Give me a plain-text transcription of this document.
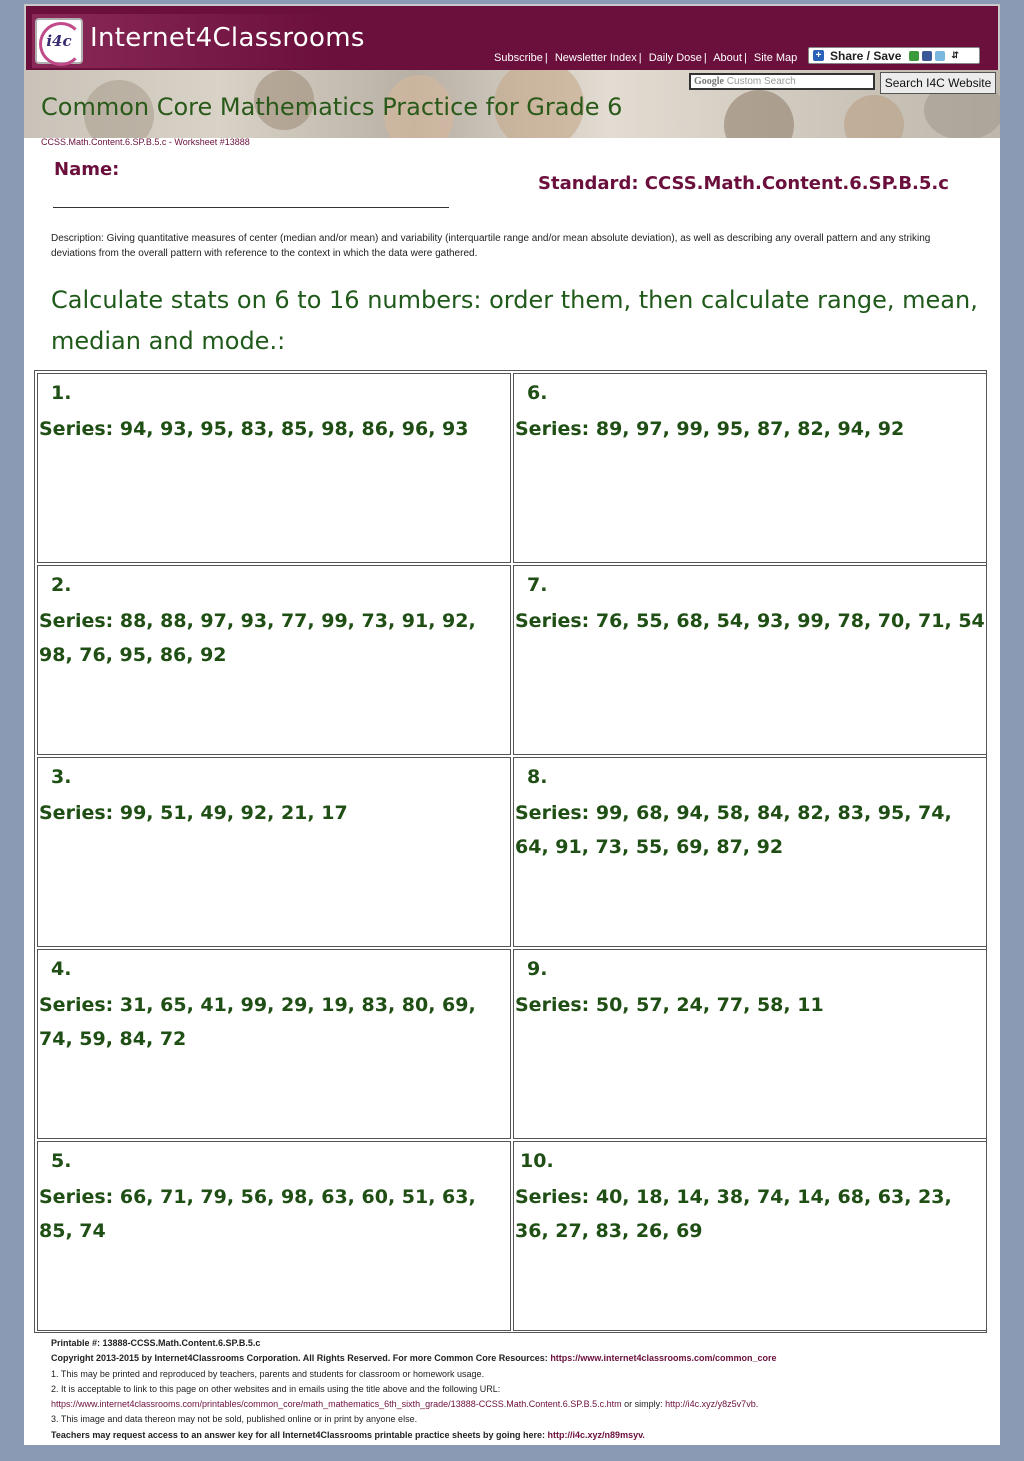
i4c Internet4Classrooms
Subscribe | Newsletter Index | Daily Dose | About | Site Map + Share / Save	⇵
Google Custom Search	Search I4C Website
Common Core Mathematics Practice for Grade 6
CCSS.Math.Content.6.SP.B.5.c - Worksheet #13888
Name:
Standard: CCSS.Math.Content.6.SP.B.5.c
Description: Giving quantitative measures of center (median and/or mean) and variability (interquartile range and/or mean absolute deviation), as well as describing any overall pattern and any striking deviations from the overall pattern with reference to the context in which the data were gathered.
Calculate stats on 6 to 16 numbers: order them, then calculate range, mean, median and mode.:
1.
Series: 94, 93, 95, 83, 85, 98, 86, 96, 93
2.
Series: 88, 88, 97, 93, 77, 99, 73, 91, 92, 98, 76, 95, 86, 92
3.
Series: 99, 51, 49, 92, 21, 17
4.
Series: 31, 65, 41, 99, 29, 19, 83, 80, 69, 74, 59, 84, 72
5.
Series: 66, 71, 79, 56, 98, 63, 60, 51, 63, 85, 74
6.
Series: 89, 97, 99, 95, 87, 82, 94, 92
7.
Series: 76, 55, 68, 54, 93, 99, 78, 70, 71, 54
8.
Series: 99, 68, 94, 58, 84, 82, 83, 95, 74, 64, 91, 73, 55, 69, 87, 92
9.
Series: 50, 57, 24, 77, 58, 11
10.
Series: 40, 18, 14, 38, 74, 14, 68, 63, 23, 36, 27, 83, 26, 69
Printable #: 13888-CCSS.Math.Content.6.SP.B.5.c
Copyright 2013-2015 by Internet4Classrooms Corporation. All Rights Reserved. For more Common Core Resources: https://www.internet4classrooms.com/common_core
1. This may be printed and reproduced by teachers, parents and students for classroom or homework usage.
2. It is acceptable to link to this page on other websites and in emails using the title above and the following URL:
https://www.internet4classrooms.com/printables/common_core/math_mathematics_6th_sixth_grade/13888-CCSS.Math.Content.6.SP.B.5.c.htm or simply: http://i4c.xyz/y8z5v7vb.
3. This image and data thereon may not be sold, published online or in print by anyone else.
Teachers may request access to an answer key for all Internet4Classrooms printable practice sheets by going here: http://i4c.xyz/n89msyv.
